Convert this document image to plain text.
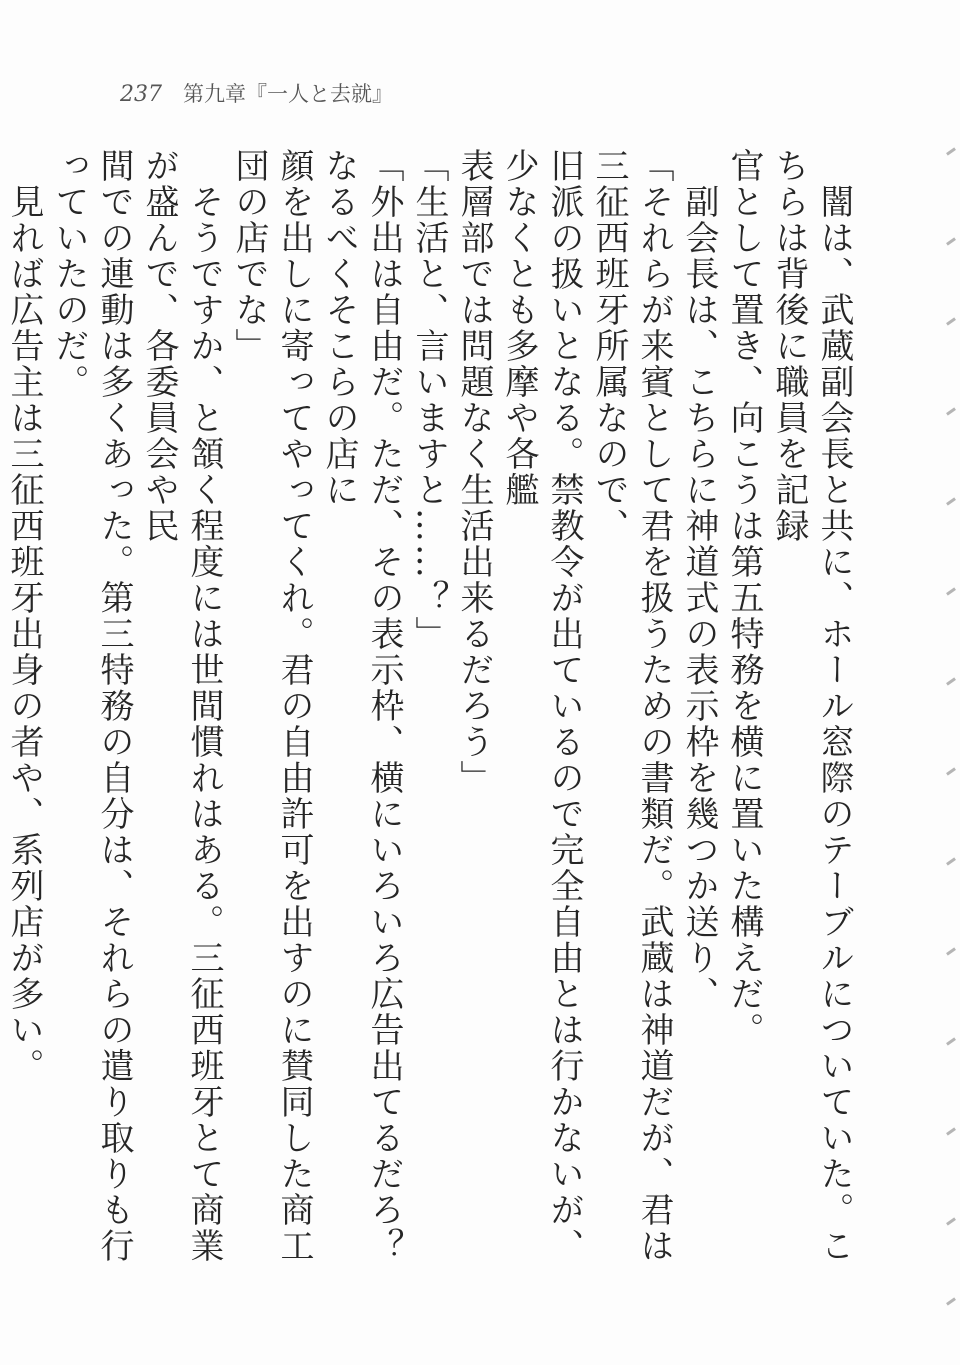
237 第九章『一人と去就』

　闇は、武蔵副会長と共に、ホール窓際のテーブルについていた。こちらは背後に職員を記録

官として置き、向こうは第五特務を横に置いた構えだ。

　副会長は、こちらに神道式の表示枠を幾つか送り、

「それらが来賓として君を扱うための書類だ。武蔵は神道だが、君は三征西班牙所属なので、

旧派の扱いとなる。禁教令が出ているので完全自由とは行かないが、少なくとも多摩や各艦

表層部では問題なく生活出来るだろう」

「生活と、言いますと……？」

「外出は自由だ。ただ、その表示枠、横にいろいろ広告出てるだろ？　なるべくそこらの店に

顔を出しに寄ってやってくれ。君の自由許可を出すのに賛同した商工団の店でな」

　そうですか、と頷く程度には世間慣れはある。三征西班牙とて商業が盛んで、各委員会や民

間での連動は多くあった。第三特務の自分は、それらの遣り取りも行っていたのだ。

　見れば広告主は三征西班牙出身の者や、系列店が多い。
